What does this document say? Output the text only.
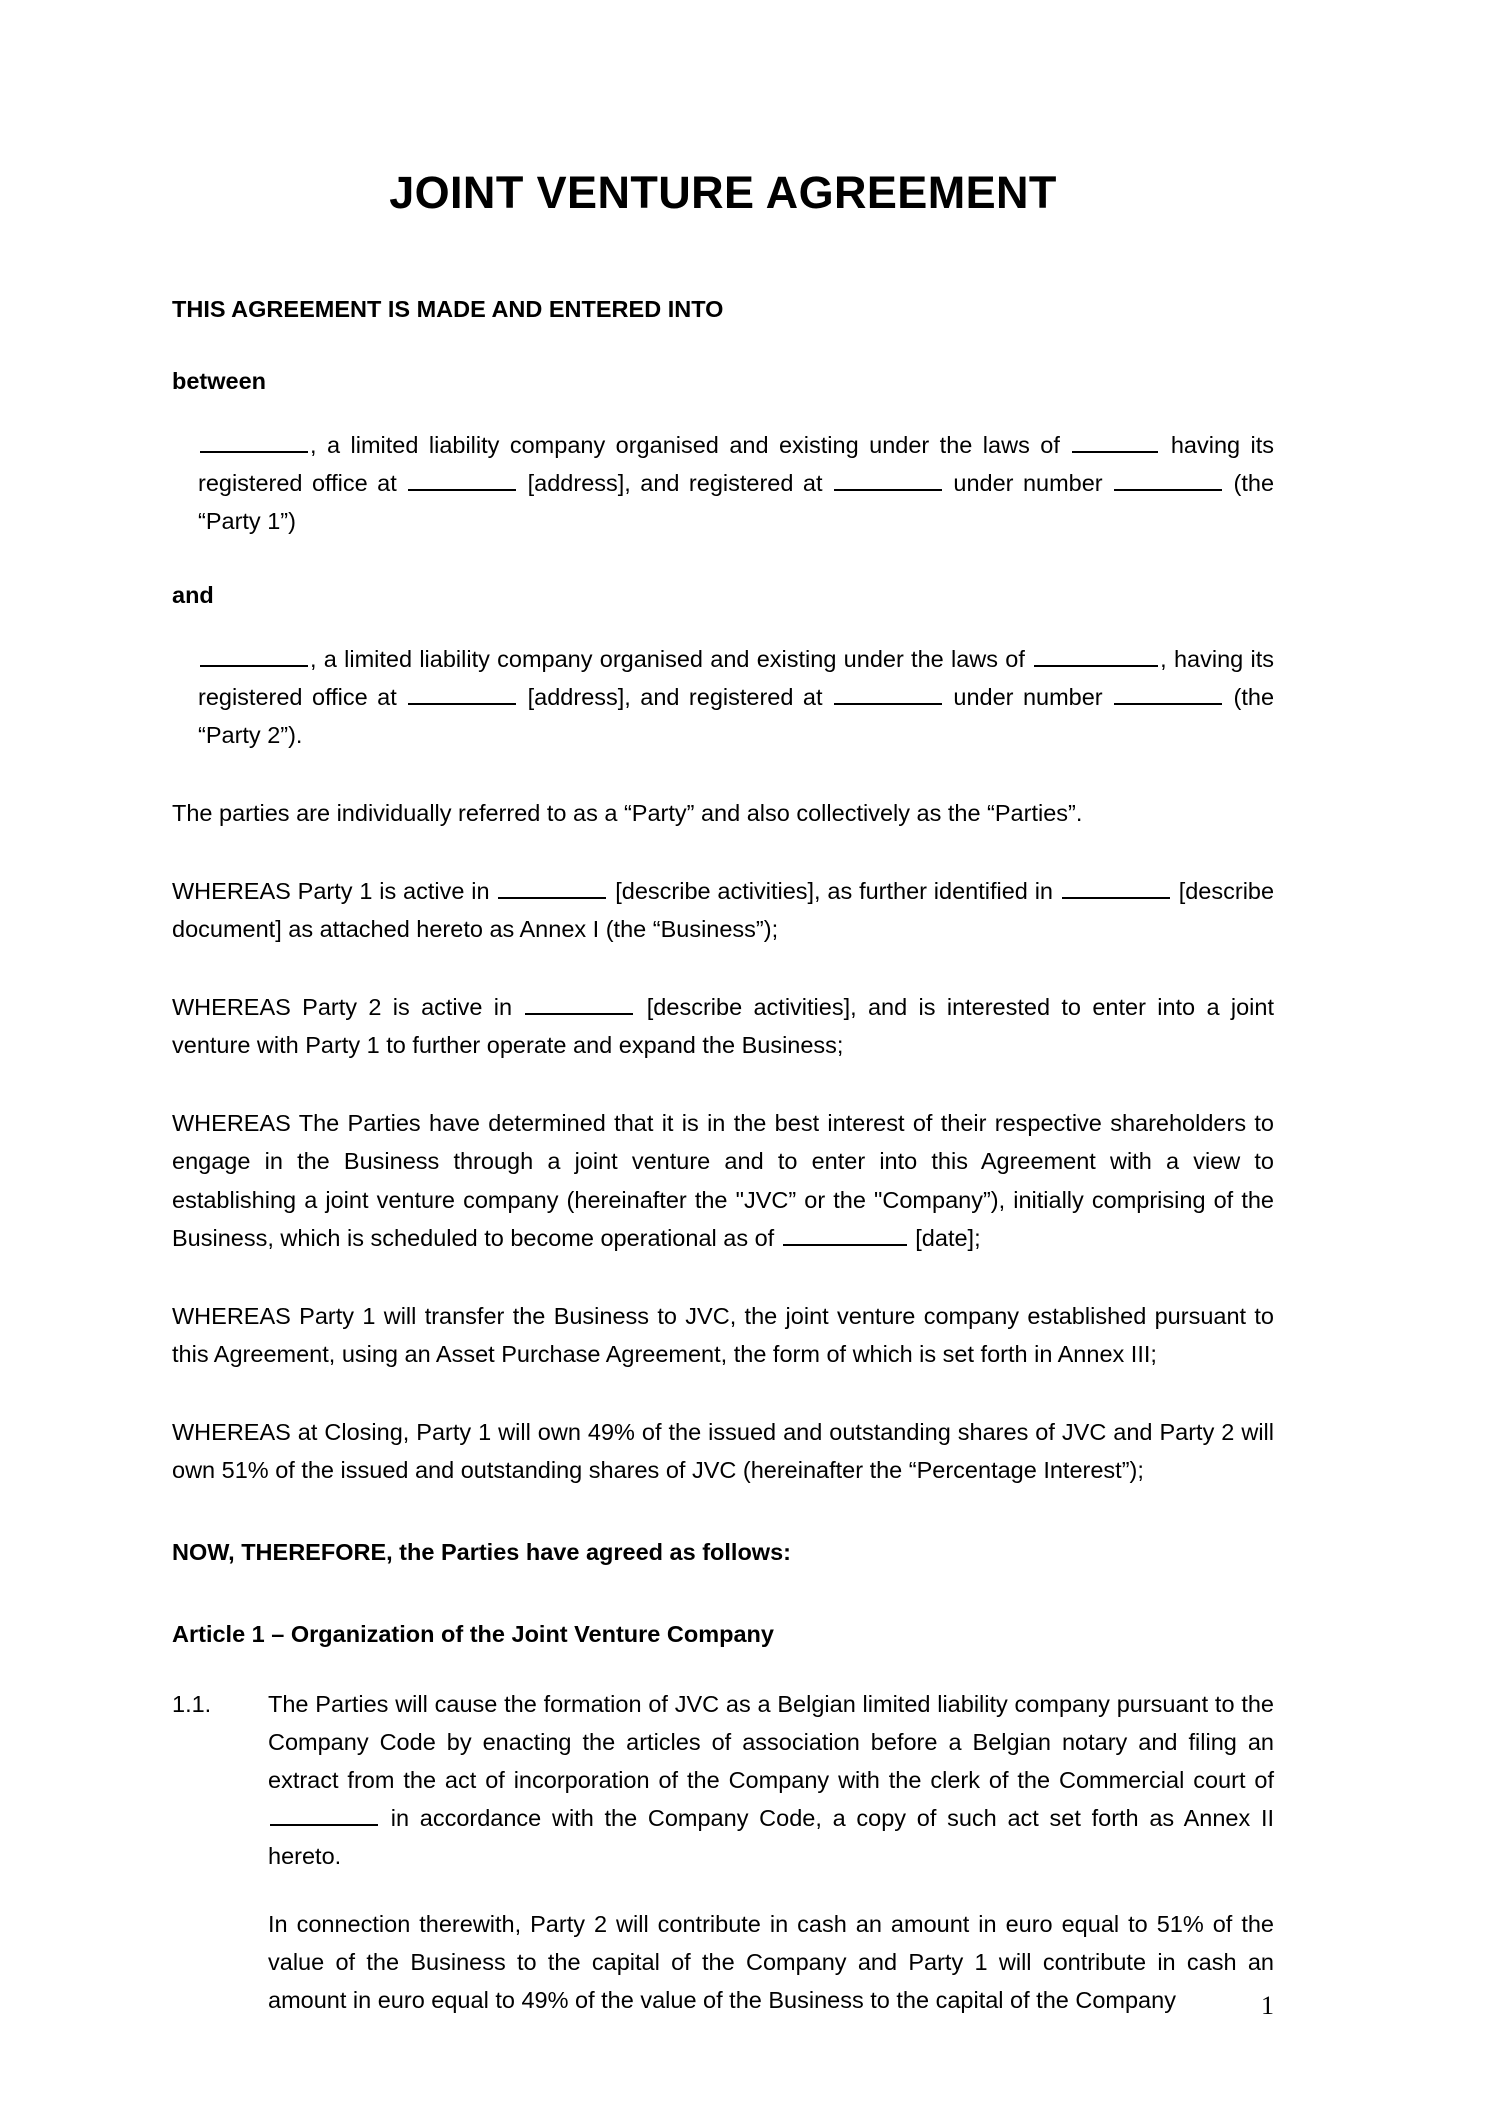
JOINT VENTURE AGREEMENT

THIS AGREEMENT IS MADE AND ENTERED INTO

between

, a limited liability company organised and existing under the laws of	having its registered office at	[address], and registered at	under number	(the “Party 1”)

and

, a limited liability company organised and existing under the laws of	, having its registered office at	[address], and registered at	under number	(the “Party 2”).

The parties are individually referred to as a “Party” and also collectively as the “Parties”.

WHEREAS Party 1 is active in	[describe activities], as further identified in	[describe document] as attached hereto as Annex I (the “Business”);

WHEREAS Party 2 is active in	[describe activities], and is interested to enter into a joint venture with Party 1 to further operate and expand the Business;

WHEREAS The Parties have determined that it is in the best interest of their respective shareholders to engage in the Business through a joint venture and to enter into this Agreement with a view to establishing a joint venture company (hereinafter the "JVC” or the "Company”), initially comprising of the Business, which is scheduled to become operational as of	[date];

WHEREAS Party 1 will transfer the Business to JVC, the joint venture company established pursuant to this Agreement, using an Asset Purchase Agreement, the form of which is set forth in Annex III;

WHEREAS at Closing, Party 1 will own 49% of the issued and outstanding shares of JVC and Party 2 will own 51% of the issued and outstanding shares of JVC (hereinafter the “Percentage Interest”);

NOW, THEREFORE, the Parties have agreed as follows:

Article 1 – Organization of the Joint Venture Company

1.1.	The Parties will cause the formation of JVC as a Belgian limited liability company pursuant to the Company Code by enacting the articles of association before a Belgian notary and filing an extract from the act of incorporation of the Company with the clerk of the Commercial court of  in accordance with the Company Code, a copy of such act set forth as Annex II hereto.

In connection therewith, Party 2 will contribute in cash an amount in euro equal to 51% of the value of the Business to the capital of the Company and Party 1 will contribute in cash an amount in euro equal to 49% of the value of the Business to the capital of the Company	1
